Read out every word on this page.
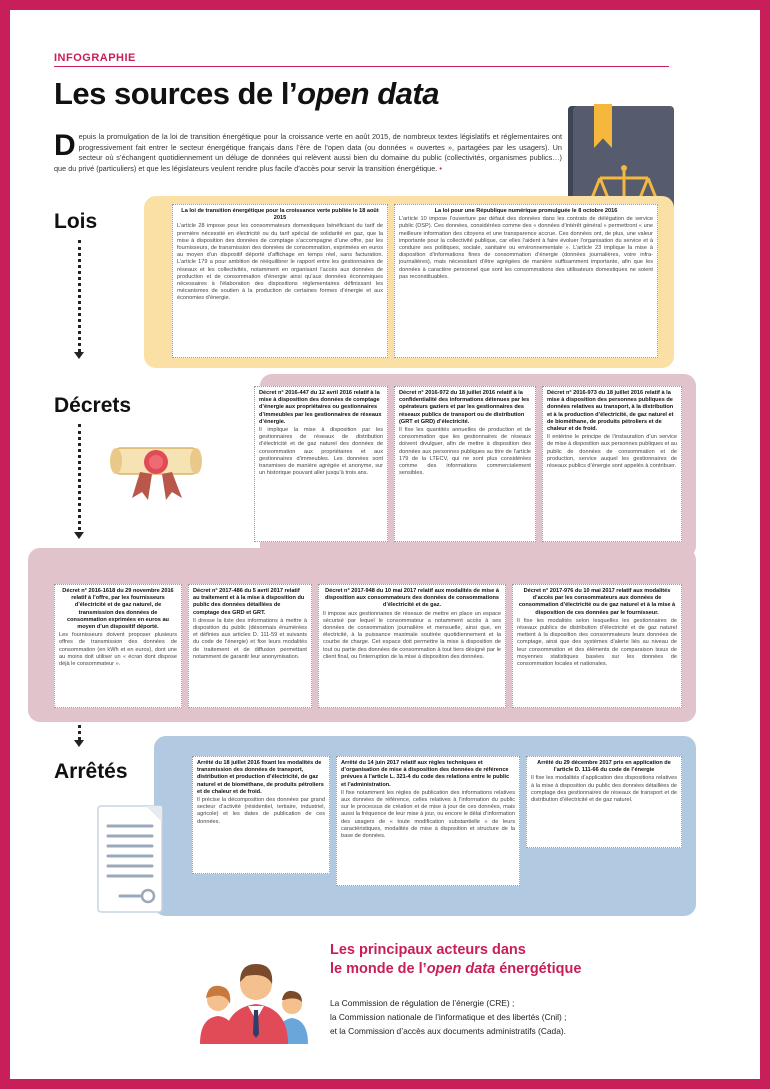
INFOGRAPHIE
Les sources de l’open data
D epuis la promulgation de la loi de transition énergétique pour la croissance verte en août 2015, de nombreux textes législatifs et réglementaires ont progressivement fait entrer le secteur énergétique français dans l’ère de l’open data (ou données « ouvertes », partagées par les usagers). Un secteur où s’échangent quotidiennement un déluge de données qui relèvent aussi bien du domaine du public (collectivités, organismes publics…) que du privé (particuliers) et que les législateurs veulent rendre plus facile d’accès pour servir la transition énergétique. •
Lois
Décrets
Arrêtés
La loi de transition énergétique pour la croissance verte publiée le 18 août 2015
L’article 28 impose pour les consommateurs domestiques bénéficiant du tarif de première nécessité en électricité ou du tarif spécial de solidarité en gaz, que la mise à disposition des données de comptage s’accompagne d’une offre, par les fournisseurs, de transmission des données de consommation, exprimées en euros au moyen d’un dispositif déporté d’affichage en temps réel, sans facturation. L’article 179 a pour ambition de rééquilibrer le rapport entre les gestionnaires de réseaux et les collectivités, notamment en organisant l’accès aux données de production et de consommation d’énergie ainsi qu’aux données économiques nécessaires à l’élaboration des dispositions réglementaires définissant les mécanismes de soutien à la production de certaines formes d’énergie et aux économies d’énergie.
La loi pour une République numérique promulguée le 8 octobre 2016
L’article 10 impose l’ouverture par défaut des données dans les contrats de délégation de service public (DSP). Ces données, considérées comme des « données d’intérêt général » permettront « une meilleure information des citoyens et une transparence accrue. Ces données ont, de plus, une valeur importante pour la collectivité publique, car elles l’aident à faire évoluer l’organisation du service et à conduire ses politiques, sociale, sanitaire ou environnementale ». L’article 23 implique la mise à disposition d’informations fines de consommation d’énergie (données journalières, voire infra-journalières), mais nécessitant d’être agrégées de manière suffisamment importante, afin que les données à caractère personnel que sont les consommations des utilisateurs domestiques ne soient pas reconstituables.
Décret n° 2016-447 du 12 avril 2016 relatif à la mise à disposition des données de comptage d’énergie aux propriétaires ou gestionnaires d’immeubles par les gestionnaires de réseaux d’énergie.
Il implique la mise à disposition par les gestionnaires de réseaux de distribution d’électricité et de gaz naturel des données de consommation aux propriétaires et aux gestionnaires d’immeubles. Les données sont transmises de manière agrégée et anonyme, sur un historique pouvant aller jusqu’à trois ans.
Décret n° 2016-972 du 18 juillet 2016 relatif à la confidentialité des informations détenues par les opérateurs gaziers et par les gestionnaires des réseaux publics de transport ou de distribution (GRT et GRD) d’électricité.
Il fixe les quantités annuelles de production et de consommation que les gestionnaires de réseaux doivent divulguer, afin de mettre à disposition des données aux personnes publiques au titre de l’article 179 de la LTECV, qui ne sont plus considérées comme des informations commercialement sensibles.
Décret n° 2016-973 du 18 juillet 2016 relatif à la mise à disposition des personnes publiques de données relatives au transport, à la distribution et à la production d’électricité, de gaz naturel et de biométhane, de produits pétroliers et de chaleur et de froid.
Il entérine le principe de l’instauration d’un service de mise à disposition aux personnes publiques et au public de données de consommation et de production, service auquel les gestionnaires de réseaux publics d’énergie sont appelés à contribuer.
Décret n° 2016-1618 du 29 novembre 2016 relatif à l’offre, par les fournisseurs d’électricité et de gaz naturel, de transmission des données de consommation exprimées en euros au moyen d’un dispositif déporté.
Les fournisseurs doivent proposer plusieurs offres de transmission des données de consommation (en kWh et en euros), dont une au moins doit utiliser un « écran dont dispose déjà le consommateur ».
Décret n° 2017-486 du 5 avril 2017 relatif au traitement et à la mise à disposition du public des données détaillées de comptage des GRD et GRT.
Il dresse la liste des informations à mettre à disposition du public (désormais énumérées et définies aux articles D. 111-59 et suivants du code de l’énergie) et fixe leurs modalités de traitement et de diffusion permettant notamment de garantir leur anonymisation.
Décret n° 2017-948 du 10 mai 2017 relatif aux modalités de mise à disposition aux consommateurs des données de consommations d’électricité et de gaz.
Il impose aux gestionnaires de réseaux de mettre en place un espace sécurisé par lequel le consommateur a notamment accès à ses données de consommation journalière et mensuelle, ainsi que, en électricité, à la puissance maximale soutirée quotidiennement et la courbe de charge. Cet espace doit permettre la mise à disposition de tout ou partie des données de consommation à tout tiers désigné par le client final, ou l’interruption de la mise à disposition des données.
Décret n° 2017-976 du 10 mai 2017 relatif aux modalités d’accès par les consommateurs aux données de consommation d’électricité ou de gaz naturel et à la mise à disposition de ces données par le fournisseur.
Il fixe les modalités selon lesquelles les gestionnaires de réseaux publics de distribution d’électricité et de gaz naturel mettent à la disposition des consommateurs leurs données de comptage, ainsi que des systèmes d’alerte liés au niveau de leur consommation et des éléments de comparaison issus de moyennes statistiques basées sur les données de consommation locales et nationales.
Arrêté du 18 juillet 2016 fixant les modalités de transmission des données de transport, distribution et production d’électricité, de gaz naturel et de biométhane, de produits pétroliers et de chaleur et de froid.
Il précise la décomposition des données par grand secteur d’activité (résidentiel, tertiaire, industriel, agricole) et les dates de publication de ces données.
Arrêté du 14 juin 2017 relatif aux règles techniques et d’organisation de mise à disposition des données de référence prévues à l’article L. 321-4 du code des relations entre le public et l’administration.
Il fixe notamment les règles de publication des informations relatives aux données de référence, celles relatives à l’information du public sur le processus de création et de mise à jour de ces données, mais aussi la fréquence de leur mise à jour, ou encore le délai d’information des usagers de « toute modification substantielle » de leurs caractéristiques, modalités de mise à disposition et structure de la base de données.
Arrêté du 29 décembre 2017 pris en application de l’article D. 111-66 du code de l’énergie
Il fixe les modalités d’application des dispositions relatives à la mise à disposition du public des données détaillées de comptage des gestionnaires de réseaux de transport et de distribution d’électricité et de gaz naturel.
Les principaux acteurs dans
le monde de l’open data énergétique
La Commission de régulation de l’énergie (CRE) ;
la Commission nationale de l’informatique et des libertés (Cnil) ;
et la Commission d’accès aux documents administratifs (Cada).
